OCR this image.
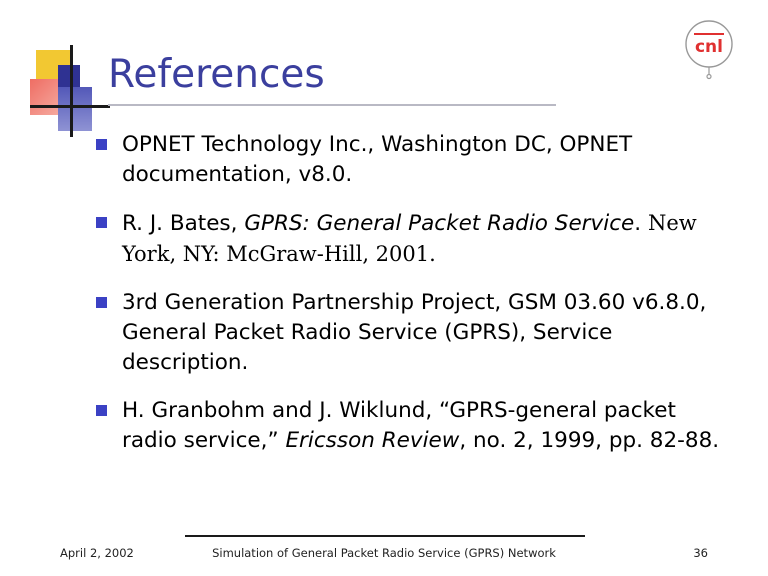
cnl
References
OPNET Technology Inc., Washington DC, OPNET documentation, v8.0.
R. J. Bates, GPRS: General Packet Radio Service. New York, NY: McGraw-Hill, 2001.
3rd Generation Partnership Project, GSM 03.60 v6.8.0, General Packet Radio Service (GPRS), Service description.
H. Granbohm and J. Wiklund, “GPRS-general packet radio service,” Ericsson Review, no. 2, 1999, pp. 82-88.
April 2, 2002	Simulation of General Packet Radio Service (GPRS) Network	36
